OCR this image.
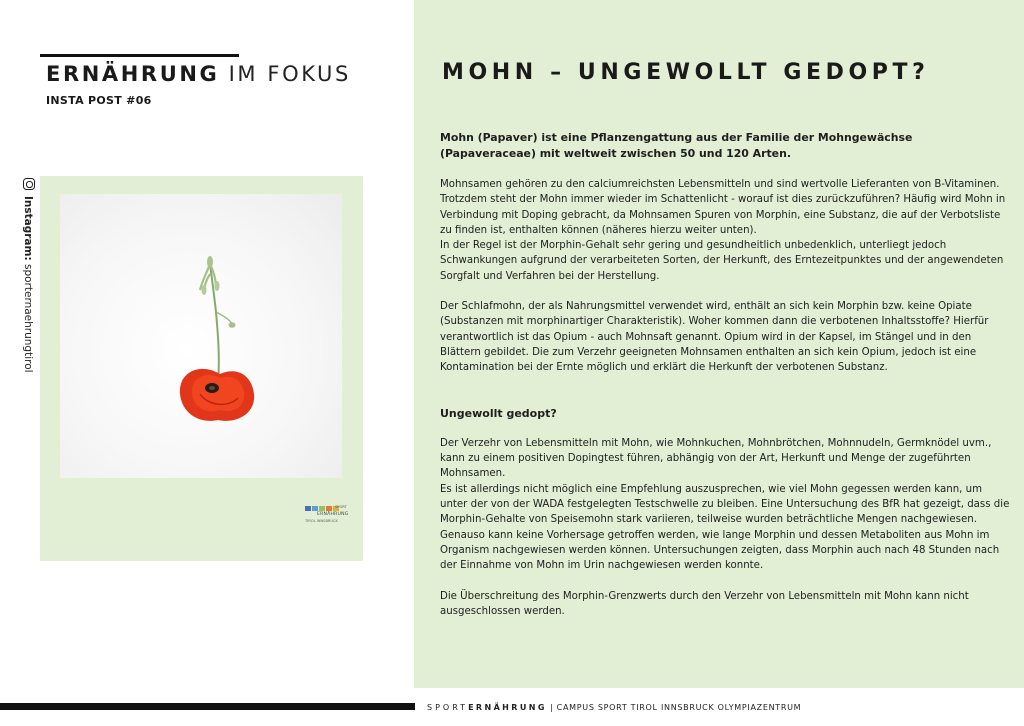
ERNÄHRUNG IM FOKUS
INSTA POST #06
Instagram: sporternaehrungtirol
SPORT
ERNÄHRUNG
TIROL INNSBRUCK
MOHN – UNGEWOLLT GEDOPT?

Mohn (Papaver) ist eine Pflanzengattung aus der Familie der Mohngewächse (Papaveraceae) mit weltweit zwischen 50 und 120 Arten.

Mohnsamen gehören zu den calciumreichsten Lebensmitteln und sind wertvolle Lieferanten von B-Vitaminen. Trotzdem steht der Mohn immer wieder im Schattenlicht - worauf ist dies zurückzuführen? Häufig wird Mohn in Verbindung mit Doping gebracht, da Mohnsamen Spuren von Morphin, eine Substanz, die auf der Verbotsliste zu finden ist, enthalten können (näheres hierzu weiter unten).

In der Regel ist der Morphin-Gehalt sehr gering und gesundheitlich unbedenklich, unterliegt jedoch Schwankungen aufgrund der verarbeiteten Sorten, der Herkunft, des Erntezeitpunktes und der angewendeten Sorgfalt und Verfahren bei der Herstellung.

Der Schlafmohn, der als Nahrungsmittel verwendet wird, enthält an sich kein Morphin bzw. keine Opiate (Substanzen mit morphinartiger Charakteristik). Woher kommen dann die verbotenen Inhaltsstoffe? Hierfür verantwortlich ist das Opium - auch Mohnsaft genannt. Opium wird in der Kapsel, im Stängel und in den Blättern gebildet. Die zum Verzehr geeigneten Mohnsamen enthalten an sich kein Opium, jedoch ist eine Kontamination bei der Ernte möglich und erklärt die Herkunft der verbotenen Substanz.

Ungewollt gedopt?

Der Verzehr von Lebensmitteln mit Mohn, wie Mohnkuchen, Mohnbrötchen, Mohnnudeln, Germknödel uvm., kann zu einem positiven Dopingtest führen, abhängig von der Art, Herkunft und Menge der zugeführten Mohnsamen.

Es ist allerdings nicht möglich eine Empfehlung auszusprechen, wie viel Mohn gegessen werden kann, um unter der von der WADA festgelegten Testschwelle zu bleiben. Eine Untersuchung des BfR hat gezeigt, dass die Morphin-Gehalte von Speisemohn stark variieren, teilweise wurden beträchtliche Mengen nachgewiesen. Genauso kann keine Vorhersage getroffen werden, wie lange Morphin und dessen Metaboliten aus Mohn im Organism nachgewiesen werden können. Untersuchungen zeigten, dass Morphin auch nach 48 Stunden nach der Einnahme von Mohn im Urin nachgewiesen werden konnte.

Die Überschreitung des Morphin-Grenzwerts durch den Verzehr von Lebensmitteln mit Mohn kann nicht ausgeschlossen werden.

SPORTERNÄHRUNG | CAMPUS SPORT TIROL INNSBRUCK OLYMPIAZENTRUM
